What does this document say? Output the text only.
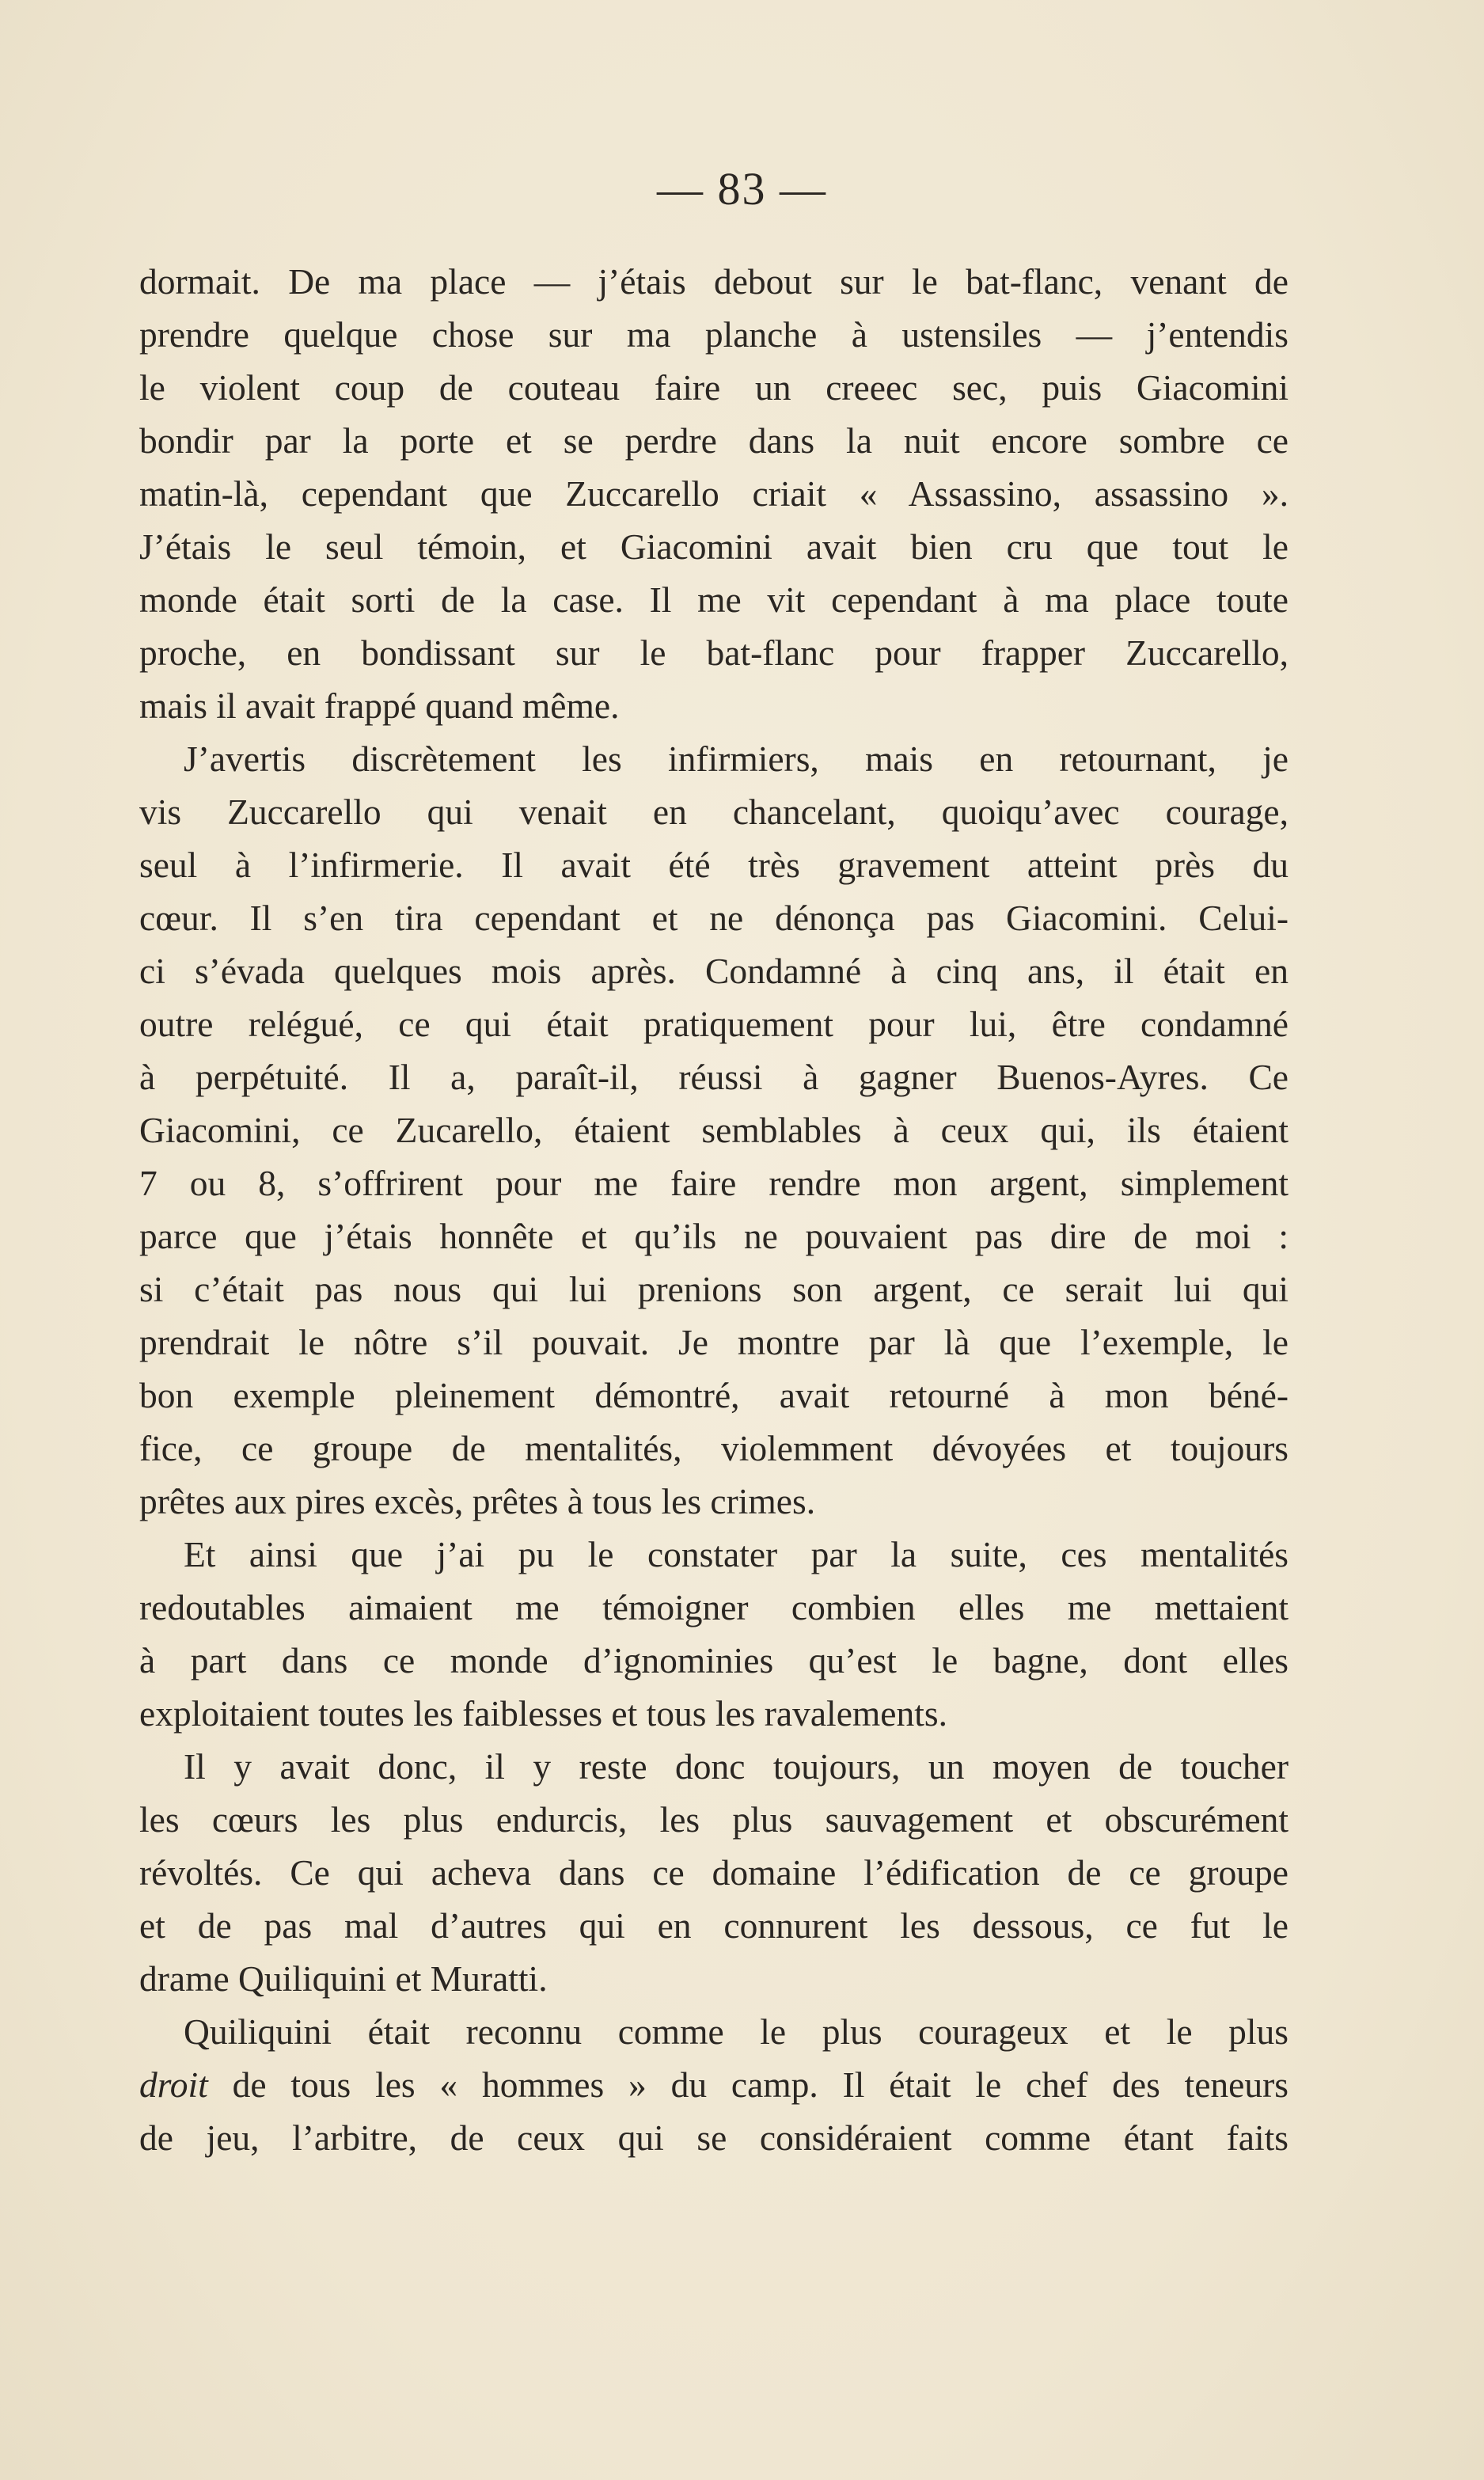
— 83 —
dormait. De ma place — j’étais debout sur le bat-flanc, venant de
prendre quelque chose sur ma planche à ustensiles — j’entendis
le violent coup de couteau faire un creeec sec, puis Giacomini
bondir par la porte et se perdre dans la nuit encore sombre ce
matin-là, cependant que Zuccarello criait « Assassino, assassino ».
J’étais le seul témoin, et Giacomini avait bien cru que tout le
monde était sorti de la case. Il me vit cependant à ma place toute
proche, en bondissant sur le bat-flanc pour frapper Zuccarello,
mais il avait frappé quand même.
J’avertis discrètement les infirmiers, mais en retournant, je
vis Zuccarello qui venait en chancelant, quoiqu’avec courage,
seul à l’infirmerie. Il avait été très gravement atteint près du
cœur. Il s’en tira cependant et ne dénonça pas Giacomini. Celui-
ci s’évada quelques mois après. Condamné à cinq ans, il était en
outre relégué, ce qui était pratiquement pour lui, être condamné
à perpétuité. Il a, paraît-il, réussi à gagner Buenos-Ayres. Ce
Giacomini, ce Zucarello, étaient semblables à ceux qui, ils étaient
7 ou 8, s’offrirent pour me faire rendre mon argent, simplement
parce que j’étais honnête et qu’ils ne pouvaient pas dire de moi :
si c’était pas nous qui lui prenions son argent, ce serait lui qui
prendrait le nôtre s’il pouvait. Je montre par là que l’exemple, le
bon exemple pleinement démontré, avait retourné à mon béné-
fice, ce groupe de mentalités, violemment dévoyées et toujours
prêtes aux pires excès, prêtes à tous les crimes.
Et ainsi que j’ai pu le constater par la suite, ces mentalités
redoutables aimaient me témoigner combien elles me mettaient
à part dans ce monde d’ignominies qu’est le bagne, dont elles
exploitaient toutes les faiblesses et tous les ravalements.
Il y avait donc, il y reste donc toujours, un moyen de toucher
les cœurs les plus endurcis, les plus sauvagement et obscurément
révoltés. Ce qui acheva dans ce domaine l’édification de ce groupe
et de pas mal d’autres qui en connurent les dessous, ce fut le
drame Quiliquini et Muratti.
Quiliquini était reconnu comme le plus courageux et le plus
droit de tous les « hommes » du camp. Il était le chef des teneurs
de jeu, l’arbitre, de ceux qui se considéraient comme étant faits
